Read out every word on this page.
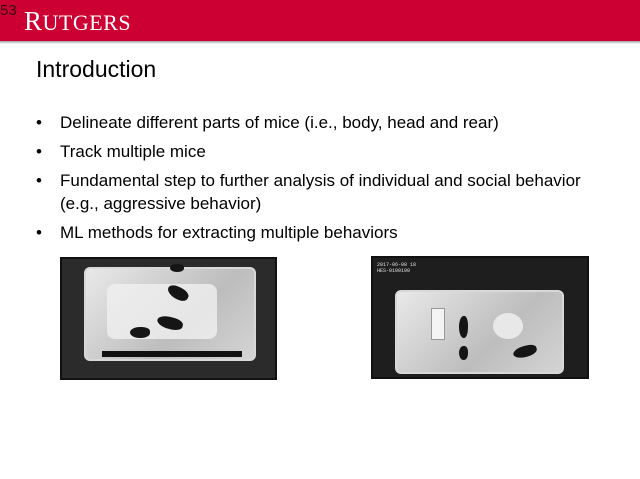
53 RUTGERS
Introduction
• Delineate different parts of mice (i.e., body, head and rear)
• Track multiple mice
• Fundamental step to further analysis of individual and social behavior (e.g., aggressive behavior)
• ML methods for extracting multiple behaviors
2017-06-08 18
HES-0100190
